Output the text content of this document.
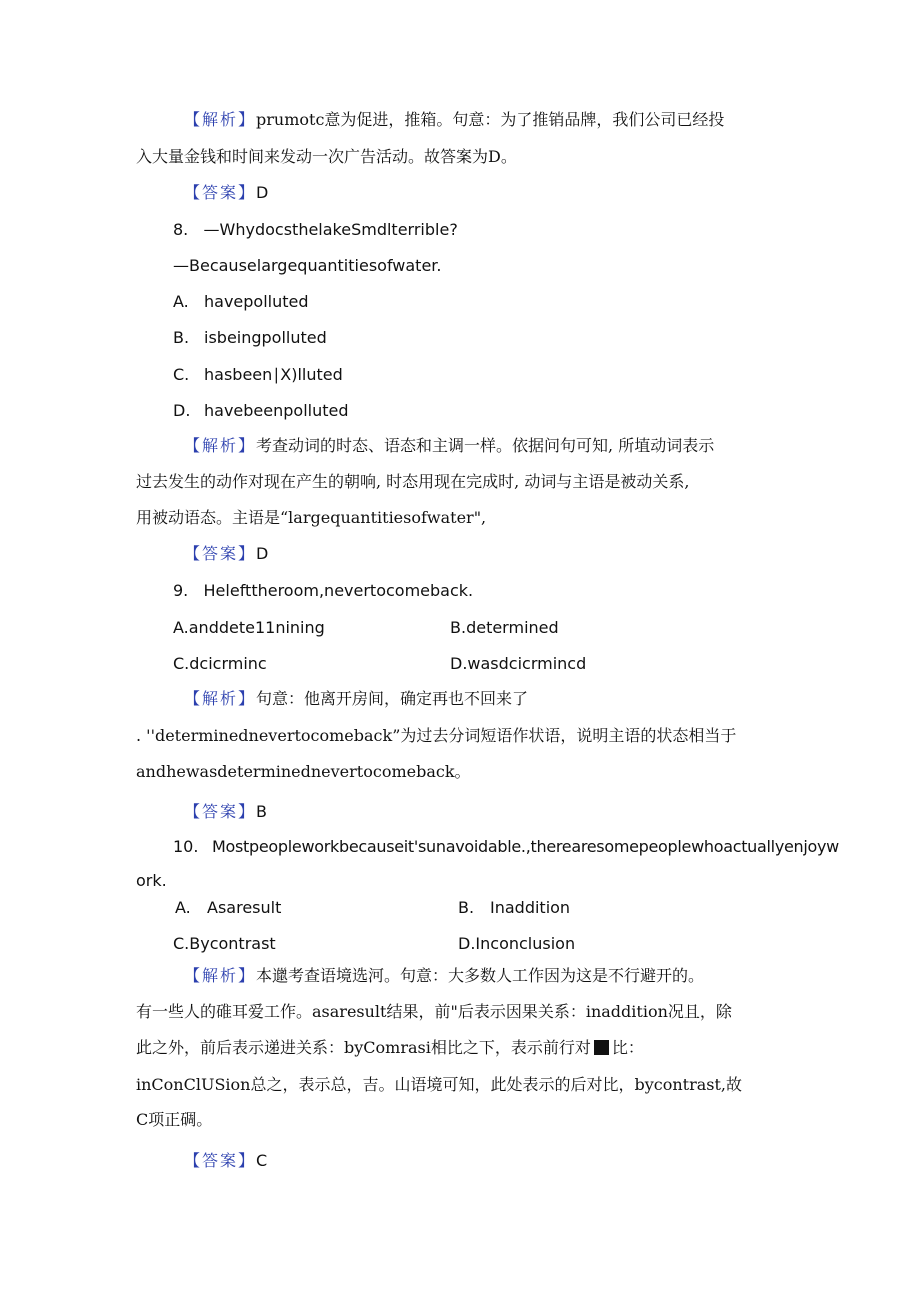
【解析】prumotc意为促进，推箱。句意：为了推销品牌，我们公司已经投
入大量金钱和时间来发动一次广告活动。故答案为D。
【答案】D
8. —WhydocsthelakeSmdlterrible?
—Becauselargequantitiesofwater.
A. havepolluted
B. isbeingpolluted
C. hasbeen∣X)lluted
D. havebeenpolluted
【解析】考查动词的时态、语态和主调一样。依据问句可知, 所埴动词表示
过去发生的动作对现在产生的朝响, 时态用现在完成时, 动词与主语是被动关系,
用被动语态。主语是“largequantitiesofwater",
【答案】D
9.   Helefttheroom,nevertocomeback.
A.anddete11nining	B.determined
C.dcicrminc	D.wasdcicrmincd
【解析】句意：他离开房间，确定再也不回来了
. ''determinednevertocomeback”为过去分词短语作状语，说明主语的状态相当于
andhewasdeterminednevertocomeback。
【答案】B
10. Mostpeopleworkbecauseit'sunavoidable.,therearesomepeoplewhoactuallyenjoyw
ork.
A. Asaresult	B. Inaddition
C.Bycontrast	D.Inconclusion
【解析】本邋考查语境选河。句意：大多数人工作因为这是不行避开的。
有一些人的碓耳爱工作。asaresult结果，前"后表示因果关系：inaddition况且，除
此之外，前后表示递进关系：byComrasi相比之下，表示前行对 比：
inConClUSion总之，表示总，吉。山语境可知，此处表示的后对比，bycontrast,故
C项正碉。
【答案】C
